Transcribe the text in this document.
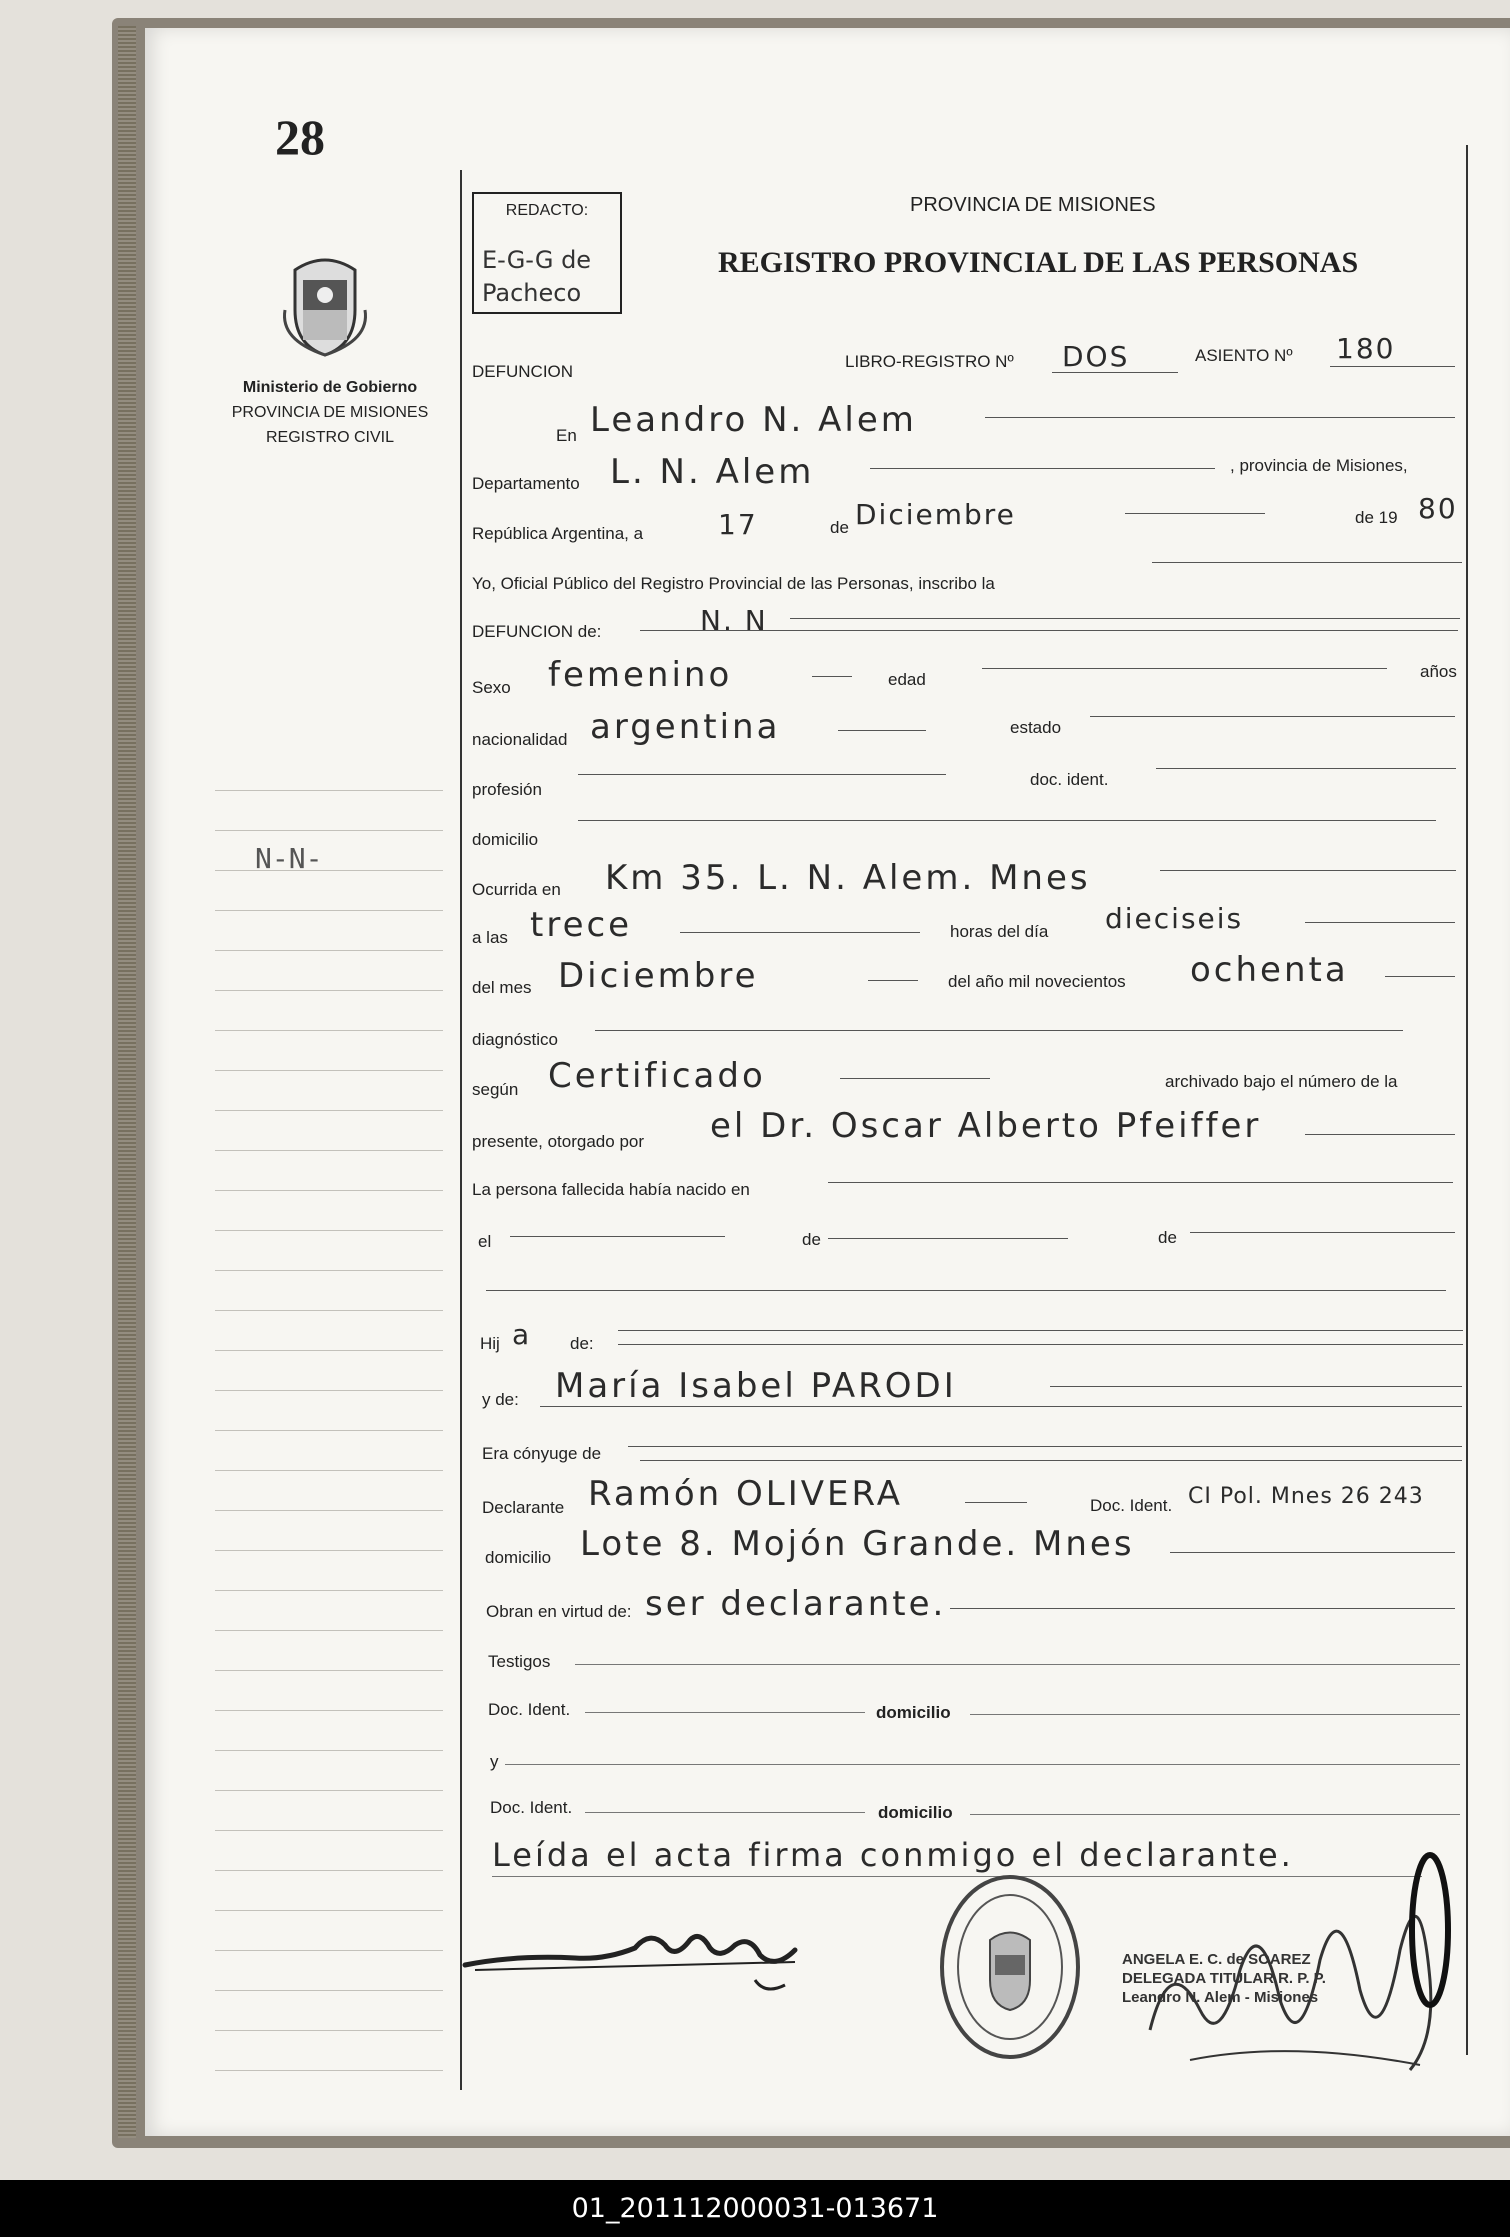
28
Ministerio de Gobierno
PROVINCIA DE MISIONES
REGISTRO CIVIL
N-N-
REDACTO:
E-G-G de
Pacheco
PROVINCIA DE MISIONES
REGISTRO PROVINCIAL DE LAS PERSONAS
DEFUNCION
LIBRO-REGISTRO Nº DOS	ASIENTO Nº 180
En Leandro N. Alem
Departamento L. N. Alem	, provincia de Misiones,
República Argentina, a	17	de Diciembre	de 19 80
Yo, Oficial Público del Registro Provincial de las Personas, inscribo la
DEFUNCION de:	N. N
Sexo femenino	edad	años
nacionalidad argentina	estado
profesión
doc. ident.
domicilio
Ocurrida en Km 35. L. N. Alem. Mnes
a las trece	horas del día dieciseis
del mes Diciembre	del año mil novecientos ochenta
diagnóstico
según Certificado	archivado bajo el número de la
presente, otorgado por el Dr. Oscar Alberto Pfeiffer
La persona fallecida había nacido en
el	de	de
Hij a de:
y de: María Isabel PARODI
Era cónyuge de
Declarante Ramón OLIVERA	Doc. Ident. CI Pol. Mnes 26 243
domicilio Lote 8. Mojón Grande. Mnes
Obran en virtud de: ser declarante.
Testigos
Doc. Ident.	domicilio
y
Doc. Ident.	domicilio
Leída el acta firma conmigo el declarante.
ANGELA E. C. de SOAREZ
DELEGADA TITULAR R. P. P.
Leandro N. Alem - Misiones
01_201112000031-013671
